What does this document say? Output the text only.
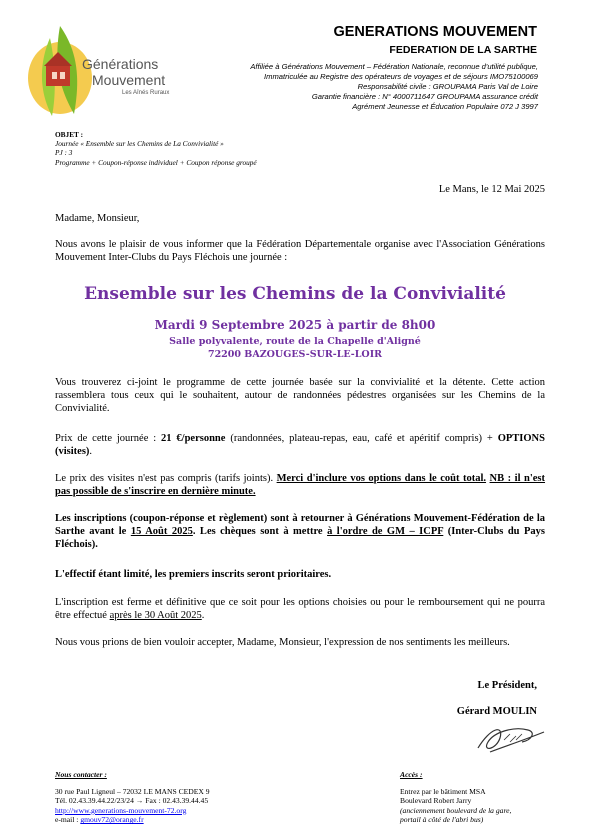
Générations
Mouvement
Les Aînés Ruraux
GENERATIONS MOUVEMENT
FEDERATION DE LA SARTHE
Affiliée à Générations Mouvement – Fédération Nationale, reconnue d'utilité publique,
Immatriculée au Registre des opérateurs de voyages et de séjours IMO75100069
Responsabilité civile : GROUPAMA Paris Val de Loire
Garantie financière : N° 4000711647 GROUPAMA assurance crédit
Agrément Jeunesse et Éducation Populaire 072 J 3997
OBJET :
Journée « Ensemble sur les Chemins de La Convivialité »
PJ : 3
Programme + Coupon-réponse individuel + Coupon réponse groupé
Le Mans, le 12 Mai 2025
Madame, Monsieur,
Nous avons le plaisir de vous informer que la Fédération Départementale organise avec l'Association Générations Mouvement Inter-Clubs du Pays Fléchois une journée :
Ensemble sur les Chemins de la Convivialité
Mardi 9 Septembre 2025 à partir de 8h00
Salle polyvalente, route de la Chapelle d'Aligné
72200 BAZOUGES-SUR-LE-LOIR
Vous trouverez ci-joint le programme de cette journée basée sur la convivialité et la détente. Cette action rassemblera tous ceux qui le souhaitent, autour de randonnées pédestres organisées sur les Chemins de la Convivialité.
Prix de cette journée : 21 €/personne (randonnées, plateau-repas, eau, café et apéritif compris) + OPTIONS (visites).
Le prix des visites n'est pas compris (tarifs joints). Merci d'inclure vos options dans le coût total. NB : il n'est pas possible de s'inscrire en dernière minute.
Les inscriptions (coupon-réponse et règlement) sont à retourner à Générations Mouvement-Fédération de la Sarthe avant le 15 Août 2025. Les chèques sont à mettre à l'ordre de GM – ICPF (Inter-Clubs du Pays Fléchois).
L'effectif étant limité, les premiers inscrits seront prioritaires.
L'inscription est ferme et définitive que ce soit pour les options choisies ou pour le remboursement qui ne pourra être effectué après le 30 Août 2025.
Nous vous prions de bien vouloir accepter, Madame, Monsieur, l'expression de nos sentiments les meilleurs.
Le Président,
Gérard MOULIN
Nous contacter :
30 rue Paul Ligneul – 72032 LE MANS CEDEX 9
Tél. 02.43.39.44.22/23/24 → Fax : 02.43.39.44.45
http://www.generations-mouvement-72.org
e-mail : gmouv72@orange.fr
Accès :
Entrez par le bâtiment MSA
Boulevard Robert Jarry
(anciennement boulevard de la gare,
portail à côté de l'abri bus)
